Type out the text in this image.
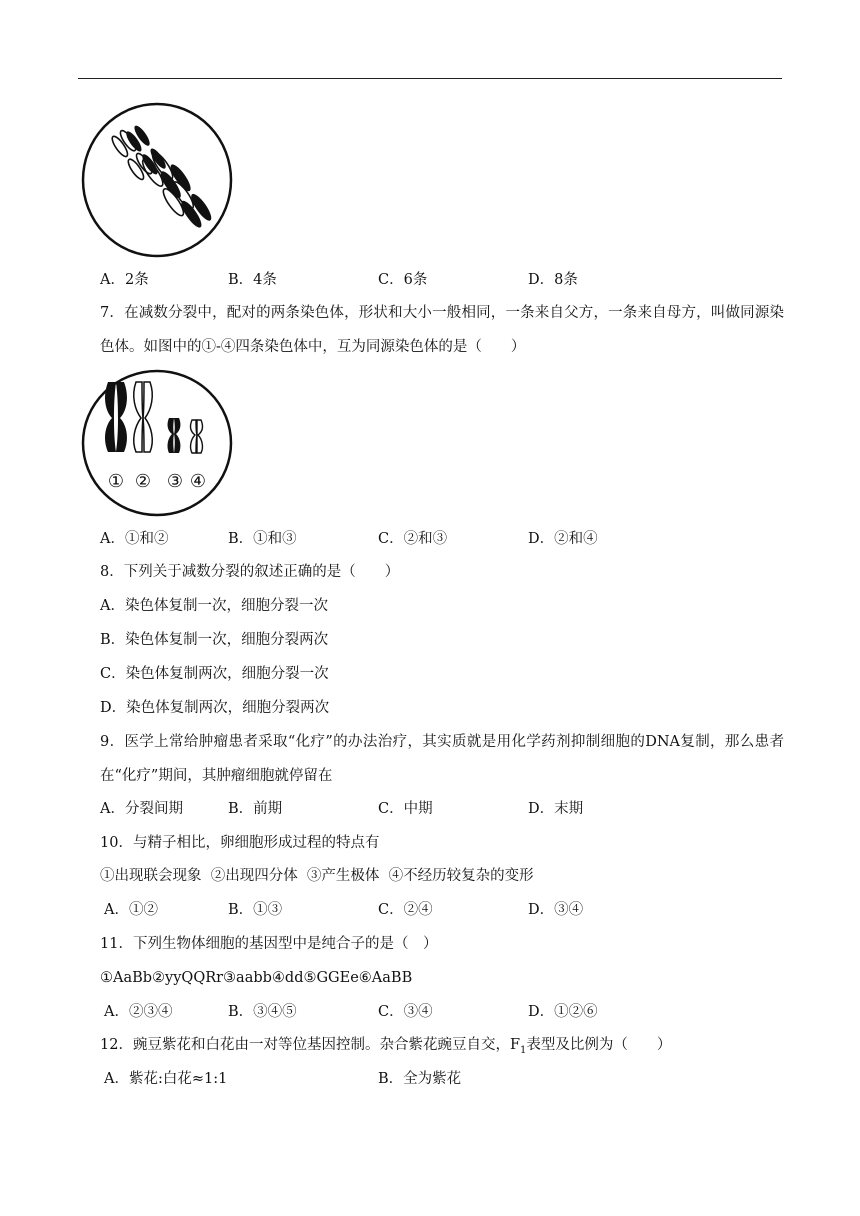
A．2条	B．4条	C．6条	D．8条
7．在减数分裂中，配对的两条染色体，形状和大小一般相同，一条来自父方，一条来自母方，叫做同源染色体。如图中的①-④四条染色体中，互为同源染色体的是（　　）
① ② ③ ④
A．①和②	B．①和③	C．②和③	D．②和④
8．下列关于减数分裂的叙述正确的是（　　）
A．染色体复制一次，细胞分裂一次
B．染色体复制一次，细胞分裂两次
C．染色体复制两次，细胞分裂一次
D．染色体复制两次，细胞分裂两次
9．医学上常给肿瘤患者采取“化疗”的办法治疗，其实质就是用化学药剂抑制细胞的DNA复制，那么患者在“化疗”期间，其肿瘤细胞就停留在
A．分裂间期	B．前期	C．中期	D．末期
10．与精子相比，卵细胞形成过程的特点有
①出现联会现象  ②出现四分体  ③产生极体  ④不经历较复杂的变形
A．①②	B．①③	C．②④	D．③④
11．下列生物体细胞的基因型中是纯合子的是（　）
①AaBb②yyQQRr③aabb④dd⑤GGEe⑥AaBB
A．②③④	B．③④⑤	C．③④	D．①②⑥
12．豌豆紫花和白花由一对等位基因控制。杂合紫花豌豆自交，$F_1$表型及比例为（　　）
A．紫花:白花≈1:1	B．全为紫花
